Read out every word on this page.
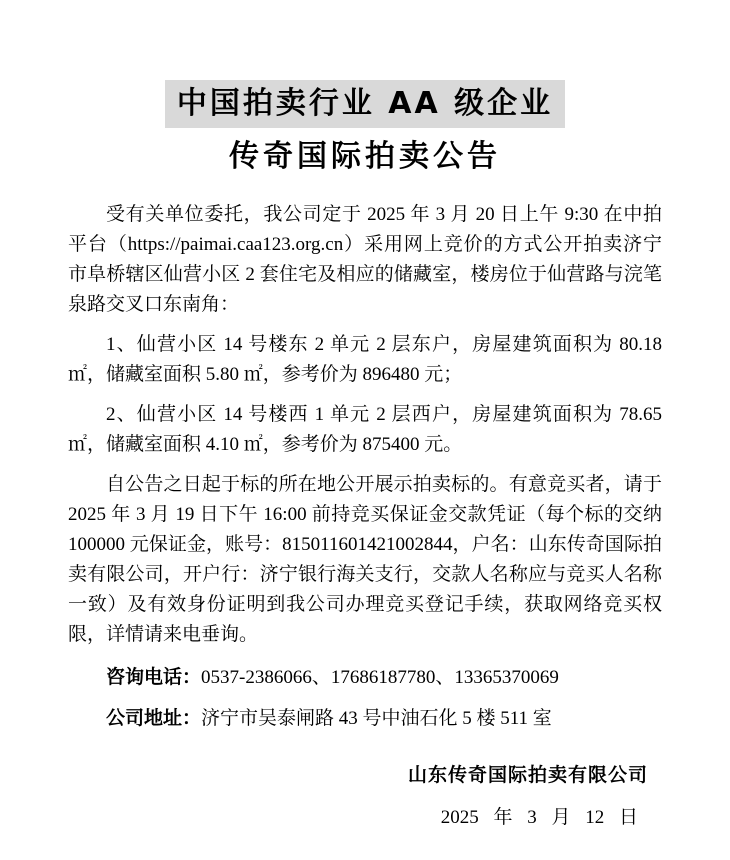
中国拍卖行业 AA 级企业
传奇国际拍卖公告

受有关单位委托，我公司定于 2025 年 3 月 20 日上午 9:30 在中拍平台（https://paimai.caa123.org.cn）采用网上竞价的方式公开拍卖济宁市阜桥辖区仙营小区 2 套住宅及相应的储藏室，楼房位于仙营路与浣笔泉路交叉口东南角：

1、仙营小区 14 号楼东 2 单元 2 层东户，房屋建筑面积为 80.18 ㎡，储藏室面积 5.80 ㎡，参考价为 896480 元；

2、仙营小区 14 号楼西 1 单元 2 层西户，房屋建筑面积为 78.65 ㎡，储藏室面积 4.10 ㎡，参考价为 875400 元。

自公告之日起于标的所在地公开展示拍卖标的。有意竞买者，请于 2025 年 3 月 19 日下午 16:00 前持竞买保证金交款凭证（每个标的交纳 100000 元保证金，账号：815011601421002844，户名：山东传奇国际拍卖有限公司，开户行：济宁银行海关支行，交款人名称应与竞买人名称一致）及有效身份证明到我公司办理竞买登记手续，获取网络竞买权限，详情请来电垂询。

咨询电话：0537-2386066、17686187780、13365370069

公司地址：济宁市吴泰闸路 43 号中油石化 5 楼 511 室

山东传奇国际拍卖有限公司
2025 年 3 月 12 日
